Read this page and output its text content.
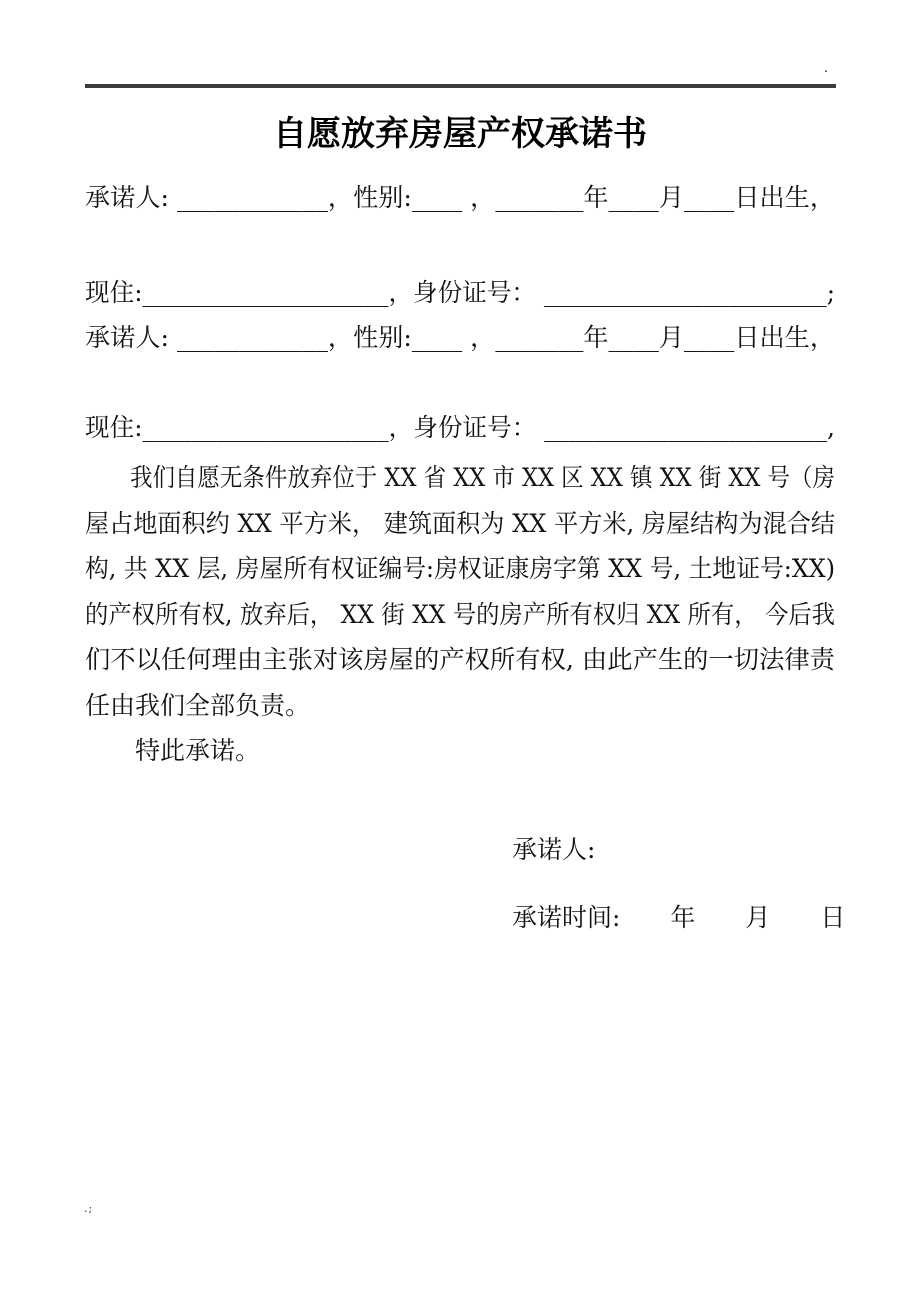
.
自愿放弃房屋产权承诺书
承诺人: ____________，性别:____ ，_______年____月____日出生，
现住:____________________，身份证号： _______________________;
承诺人: ____________，性别:____ ，_______年____月____日出生，
现住:____________________，身份证号： _______________________,
我们自愿无条件放弃位于 XX 省 XX 市 XX 区 XX 镇 XX 街 XX 号（房
屋占地面积约 XX 平方米， 建筑面积为 XX 平方米, 房屋结构为混合结
构, 共 XX 层, 房屋所有权证编号:房权证康房字第 XX 号, 土地证号:XX)
的产权所有权, 放弃后， XX 街 XX 号的房产所有权归 XX 所有， 今后我
们不以任何理由主张对该房屋的产权所有权, 由此产生的一切法律责
任由我们全部负责。
特此承诺。
承诺人:
承诺时间:　　年　　月　　日
.;
